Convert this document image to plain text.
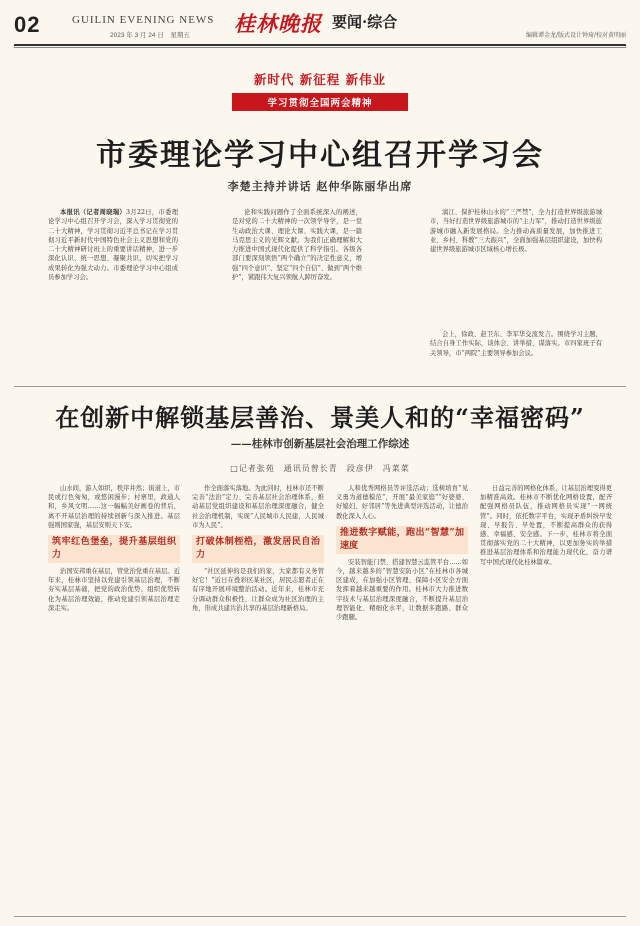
02	GUILIN EVENING NEWS
2023 年 3 月 24 日　星期五 桂林晚报 要闻·综合
编辑谭金龙/版式设计钟琦/校对黄明丽
新时代 新征程 新伟业
学习贯彻全国两会精神
市委理论学习中心组召开学习会
李楚主持并讲话 赵仲华陈丽华出席

本报讯（记者周晓瑞）3月22日，市委理论学习中心组召开学习会，深入学习贯彻党的二十大精神，学习贯彻习近平总书记在学习贯彻习近平新时代中国特色社会主义思想和党的二十大精神研讨班上的重要讲话精神，进一步深化认识、统一思想、凝聚共识，切实把学习成果转化为强大动力。市委理论学习中心组成员参加学习会。

论和实践问题作了全面系统深入的阐述，是对党的二十大精神的一次领学导学，是一堂生动政治大课、理论大课、实践大课，是一篇马克思主义的光辉文献。为我们正确理解和大力推进中国式现代化提供了科学指引。各级各部门要深刻领悟“两个确立”的决定性意义，增强“四个意识”、坚定“四个自信”、做到“两个维护”，紧跟伟大复兴领航人踔厉奋发。

漓江、保护桂林山水的“三严禁”，全力打造世界级旅游城市，当好打造世界级旅游城市的“主力军”，推动打造世界级旅游城市融入新发展格局。全力推动高质量发展，加快推进工业、乡村、科教“三大振兴”，全面加强基层组织建设，加快构建世界级旅游城市区域核心增长极。

会上，徐政、赵卫东、李军华交流发言。围绕学习主题，结合自身工作实际，谈体会、讲举措、谋落实。市四家班子有关领导，市“两院”主要领导参加会议。

在创新中解锁基层善治、景美人和的“幸福密码”
——桂林市创新基层社会治理工作综述
□记者张苑　通讯员曾长青　段彦伊　冯菜菜

山水间，游人如织，秩序井然；街道上，市民或行色匆匆，或悠闲漫步；村寨里，政通人和，乡风文明……这一幅幅美好画卷的背后，离不开基层治理的持续创新与深入推进。基层强则国家强，基层安则天下安。

筑牢红色堡垒，提升基层组织力

治国安邦重在基层，管党治党重在基层。近年来，桂林市坚持以党建引领基层治理，不断夯实基层基础，把党的政治优势、组织优势转化为基层治理效能，推动党建引领基层治理走深走实。

作全面落实落地。为此同时，桂林市还不断完善“法治”定力、完善基层社会治理体系，推动基层党组织建设和基层治理深度融合，健全社会治理机制，实现“人民城市人民建，人民城市为人民”。

打破体制桎梏，激发居民自治力

“社区延伸的是我们的家，大家都有义务管好它！”近日在叠彩区某社区，居民志愿者正在有序地开展环境整治活动。近年来，桂林市充分调动群众积极性，让群众成为社区治理的主角，形成共建共治共享的基层治理新格局。

人和优秀网格员等评选活动；选树培育“见义勇为道德模范”，开展“最美家庭”“好婆婆、好媳妇、好邻居”等先进典型评选活动，让德治教化深入人心。

推进数字赋能，跑出“智慧”加速度

安装智能门禁、搭建智慧云监管平台……如今，越来越多的“智慧安防小区”在桂林市各城区建成，在加强小区管理、保障小区安全方面发挥着越来越重要的作用。桂林市大力推进数字技术与基层治理深度融合，不断提升基层治理智能化、精细化水平，让数据多跑路、群众少跑腿。

日益完善的网格化体系，让基层治理变得更加精准高效。桂林市不断优化网格设置，配齐配强网格员队伍，推动网格员实现“一网统管”。同时，依托数字平台，实现矛盾纠纷早发现、早报告、早处置，不断提高群众的获得感、幸福感、安全感。下一步，桂林市将全面贯彻落实党的二十大精神，以更加务实的举措推进基层治理体系和治理能力现代化，奋力谱写中国式现代化桂林篇章。
